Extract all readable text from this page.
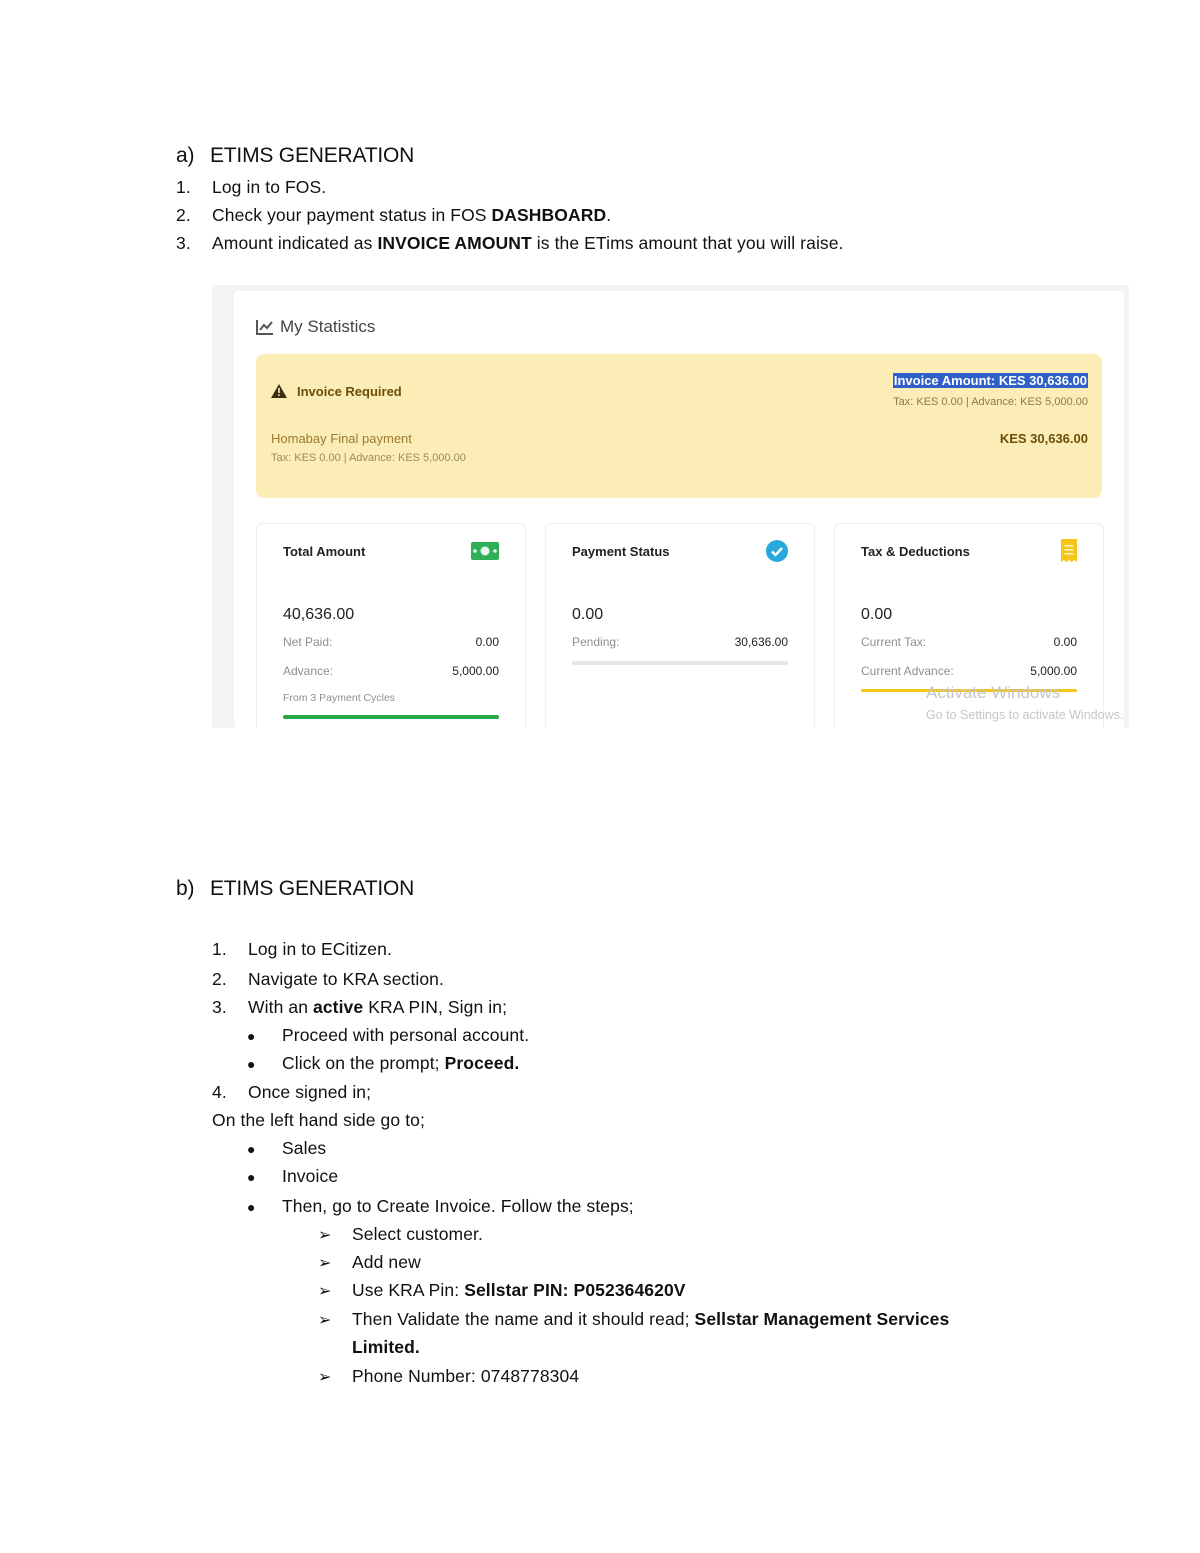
a) ETIMS GENERATION
1. Log in to FOS.
2. Check your payment status in FOS DASHBOARD.
3. Amount indicated as INVOICE AMOUNT is the ETims amount that you will raise.
My Statistics
Invoice Required
Invoice Amount: KES 30,636.00
Tax: KES 0.00 | Advance: KES 5,000.00
Homabay Final payment
Tax: KES 0.00 | Advance: KES 5,000.00
KES 30,636.00
Total Amount
40,636.00
Net Paid:	0.00
Advance:	5,000.00
From 3 Payment Cycles
Payment Status
0.00
Pending:	30,636.00
Tax & Deductions
0.00
Current Tax:	0.00
Current Advance:	5,000.00
Activate Windows
Go to Settings to activate Windows.
b) ETIMS GENERATION
1. Log in to ECitizen.
2. Navigate to KRA section.
3. With an active KRA PIN, Sign in;
● Proceed with personal account.
● Click on the prompt; Proceed.
4. Once signed in;
On the left hand side go to;
● Sales
● Invoice
● Then, go to Create Invoice. Follow the steps;
➢ Select customer.
➢ Add new
➢ Use KRA Pin: Sellstar PIN: P052364620V
➢ Then Validate the name and it should read; Sellstar Management Services
Limited.
➢ Phone Number: 0748778304
